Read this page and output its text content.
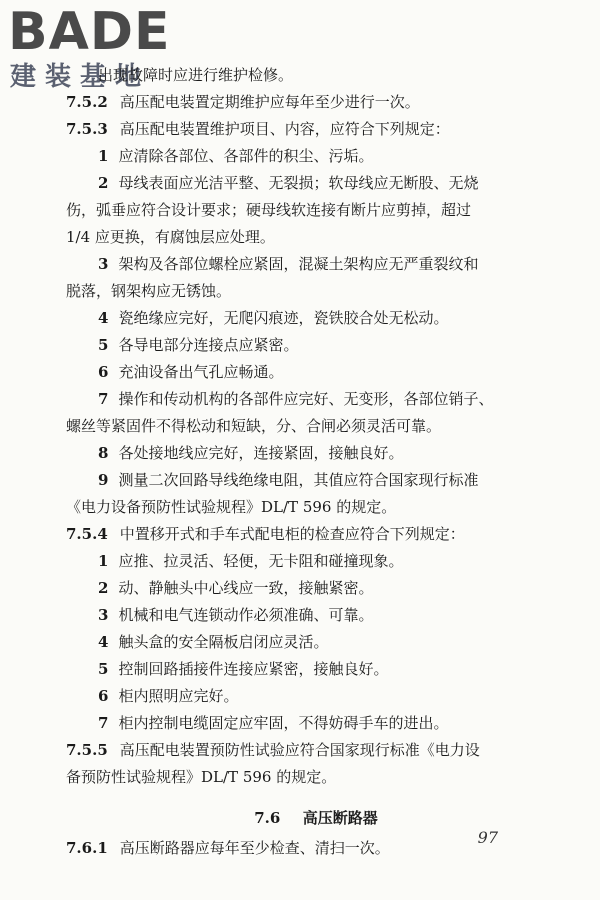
BADE
建装基地
出现故障时应进行维护检修。
7.5.2 高压配电装置定期维护应每年至少进行一次。
7.5.3 高压配电装置维护项目、内容，应符合下列规定：
1 应清除各部位、各部件的积尘、污垢。
2 母线表面应光洁平整、无裂损；软母线应无断股、无烧
伤，弧垂应符合设计要求；硬母线软连接有断片应剪掉，超过
1/4 应更换，有腐蚀层应处理。
3 架构及各部位螺栓应紧固，混凝土架构应无严重裂纹和
脱落，钢架构应无锈蚀。
4 瓷绝缘应完好，无爬闪痕迹，瓷铁胶合处无松动。
5 各导电部分连接点应紧密。
6 充油设备出气孔应畅通。
7 操作和传动机构的各部件应完好、无变形，各部位销子、
螺丝等紧固件不得松动和短缺，分、合闸必须灵活可靠。
8 各处接地线应完好，连接紧固，接触良好。
9 测量二次回路导线绝缘电阻，其值应符合国家现行标准
《电力设备预防性试验规程》DL/T 596 的规定。
7.5.4 中置移开式和手车式配电柜的检查应符合下列规定：
1 应推、拉灵活、轻便，无卡阻和碰撞现象。
2 动、静触头中心线应一致，接触紧密。
3 机械和电气连锁动作必须准确、可靠。
4 触头盒的安全隔板启闭应灵活。
5 控制回路插接件连接应紧密，接触良好。
6 柜内照明应完好。
7 柜内控制电缆固定应牢固，不得妨碍手车的进出。
7.5.5 高压配电装置预防性试验应符合国家现行标准《电力设
备预防性试验规程》DL/T 596 的规定。
7.6 高压断路器
7.6.1 高压断路器应每年至少检查、清扫一次。
97
